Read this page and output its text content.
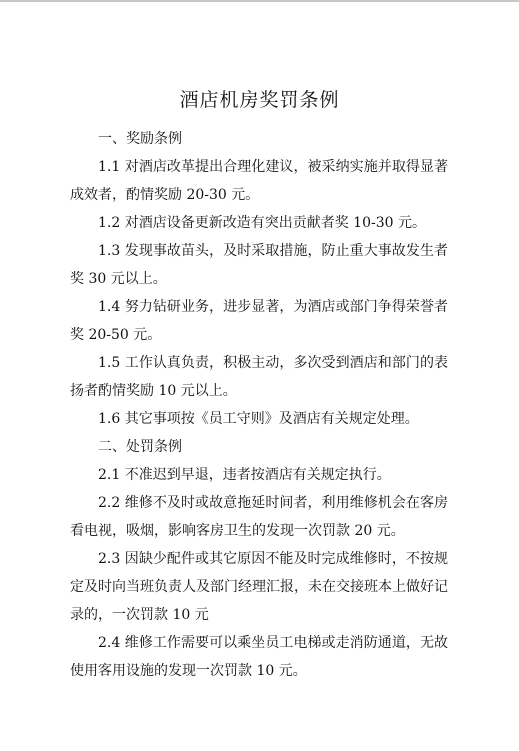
酒店机房奖罚条例

一、奖励条例

1.1 对酒店改革提出合理化建议，被采纳实施并取得显著成效者，酌情奖励 20-30 元。

1.2 对酒店设备更新改造有突出贡献者奖 10-30 元。

1.3 发现事故苗头，及时采取措施，防止重大事故发生者奖 30 元以上。

1.4 努力钻研业务，进步显著，为酒店或部门争得荣誉者奖 20-50 元。

1.5 工作认真负责，积极主动，多次受到酒店和部门的表扬者酌情奖励 10 元以上。

1.6 其它事项按《员工守则》及酒店有关规定处理。

二、处罚条例

2.1 不准迟到早退，违者按酒店有关规定执行。

2.2 维修不及时或故意拖延时间者，利用维修机会在客房看电视，吸烟，影响客房卫生的发现一次罚款 20 元。

2.3 因缺少配件或其它原因不能及时完成维修时，不按规定及时向当班负责人及部门经理汇报，未在交接班本上做好记录的，一次罚款 10 元

2.4 维修工作需要可以乘坐员工电梯或走消防通道，无故使用客用设施的发现一次罚款 10 元。
